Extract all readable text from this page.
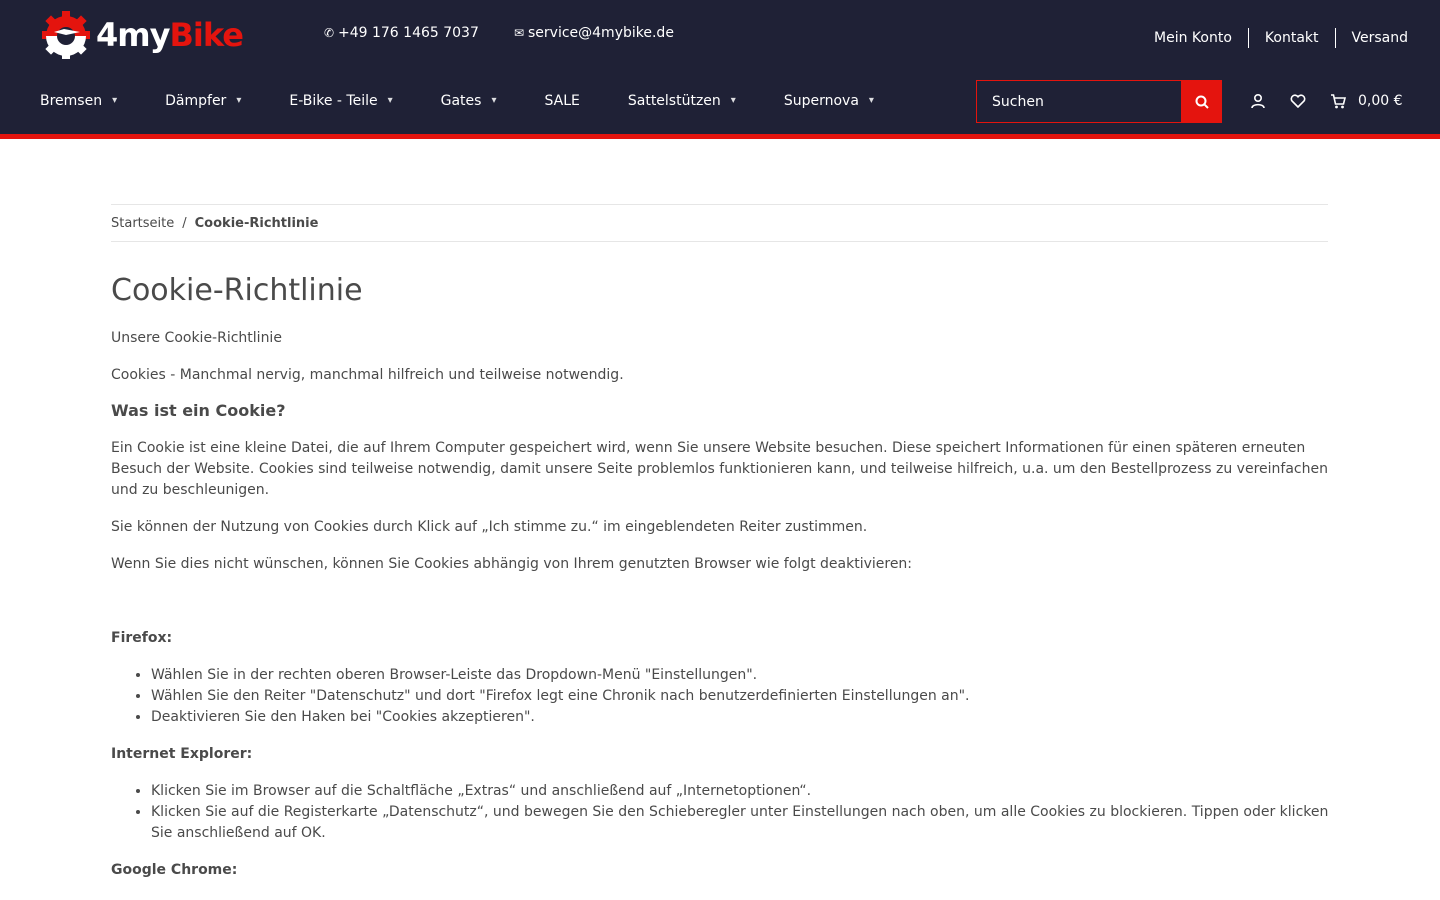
4myBike	✆ +49 176 1465 7037	✉ service@4mybike.de	Mein Konto	Kontakt	Versand
Bremsen ▾	Dämpfer ▾	E-Bike - Teile ▾	Gates ▾	SALE	Sattelstützen ▾	Supernova ▾
Suchen	0,00 €
Startseite / Cookie-Richtlinie
Cookie-Richtlinie

Unsere Cookie-Richtlinie

Cookies - Manchmal nervig, manchmal hilfreich und teilweise notwendig.

Was ist ein Cookie?

Ein Cookie ist eine kleine Datei, die auf Ihrem Computer gespeichert wird, wenn Sie unsere Website besuchen. Diese speichert Informationen für einen späteren erneuten Besuch der Website. Cookies sind teilweise notwendig, damit unsere Seite problemlos funktionieren kann, und teilweise hilfreich, u.a. um den Bestellprozess zu vereinfachen und zu beschleunigen.

Sie können der Nutzung von Cookies durch Klick auf „Ich stimme zu.“ im eingeblendeten Reiter zustimmen.

Wenn Sie dies nicht wünschen, können Sie Cookies abhängig von Ihrem genutzten Browser wie folgt deaktivieren:

Firefox:

• Wählen Sie in der rechten oberen Browser-Leiste das Dropdown-Menü "Einstellungen".
• Wählen Sie den Reiter "Datenschutz" und dort "Firefox legt eine Chronik nach benutzerdefinierten Einstellungen an".
• Deaktivieren Sie den Haken bei "Cookies akzeptieren".

Internet Explorer:

• Klicken Sie im Browser auf die Schaltfläche „Extras“ und anschließend auf „Internetoptionen“.
• Klicken Sie auf die Registerkarte „Datenschutz“, und bewegen Sie den Schieberegler unter Einstellungen nach oben, um alle Cookies zu blockieren. Tippen oder klicken Sie anschließend auf OK.

Google Chrome:
